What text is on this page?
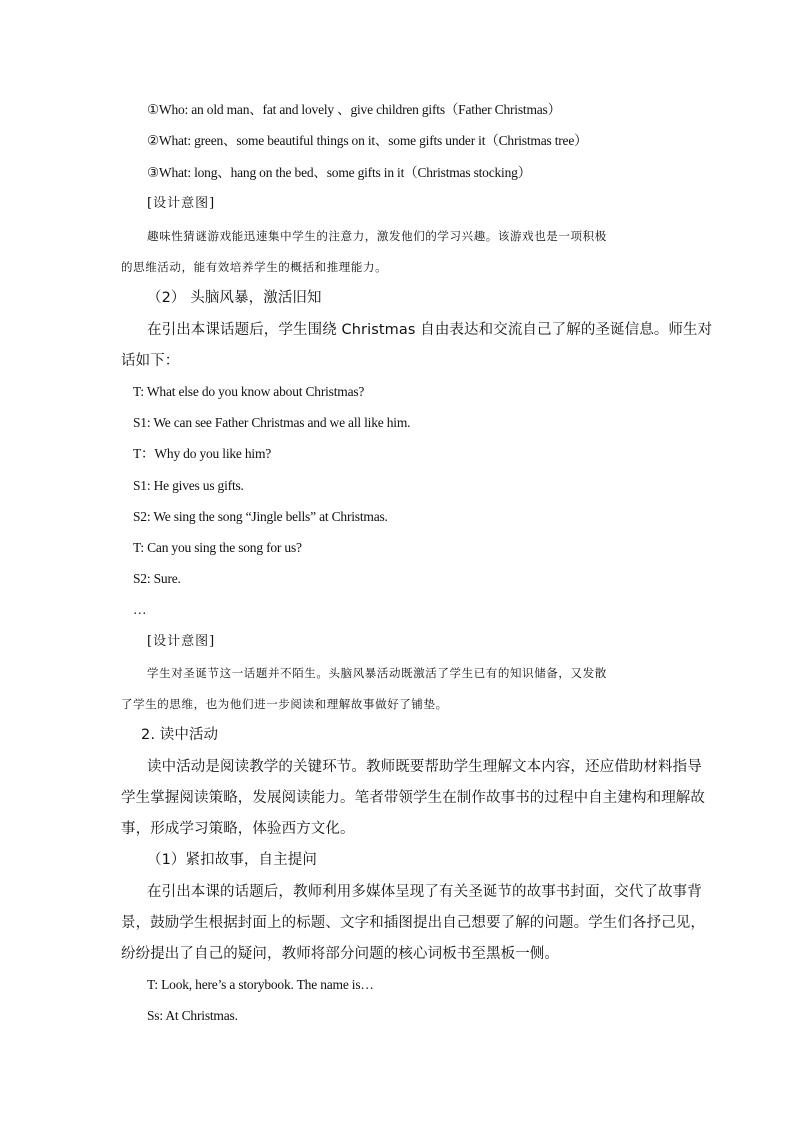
①Who: an old man、fat and lovely 、give children gifts（Father Christmas）
②What: green、some beautiful things on it、some gifts under it（Christmas tree）
③What: long、hang on the bed、some gifts in it（Christmas stocking）
[设计意图]
趣味性猜谜游戏能迅速集中学生的注意力，激发他们的学习兴趣。该游戏也是一项积极
的思维活动，能有效培养学生的概括和推理能力。
（2） 头脑风暴，激活旧知
在引出本课话题后，学生围绕 Christmas 自由表达和交流自己了解的圣诞信息。师生对
话如下：
T: What else do you know about Christmas?
S1: We can see Father Christmas and we all like him.
T：Why do you like him?
S1: He gives us gifts.
S2: We sing the song “Jingle bells” at Christmas.
T: Can you sing the song for us?
S2: Sure.
…
[设计意图]
学生对圣诞节这一话题并不陌生。头脑风暴活动既激活了学生已有的知识储备，又发散
了学生的思维，也为他们进一步阅读和理解故事做好了铺垫。
2. 读中活动
读中活动是阅读教学的关键环节。教师既要帮助学生理解文本内容，还应借助材料指导
学生掌握阅读策略，发展阅读能力。笔者带领学生在制作故事书的过程中自主建构和理解故
事，形成学习策略，体验西方文化。
（1）紧扣故事，自主提问
在引出本课的话题后，教师利用多媒体呈现了有关圣诞节的故事书封面，交代了故事背
景，鼓励学生根据封面上的标题、文字和插图提出自己想要了解的问题。学生们各抒己见，
纷纷提出了自己的疑问，教师将部分问题的核心词板书至黑板一侧。
T: Look, here’s a storybook. The name is…
Ss: At Christmas.
